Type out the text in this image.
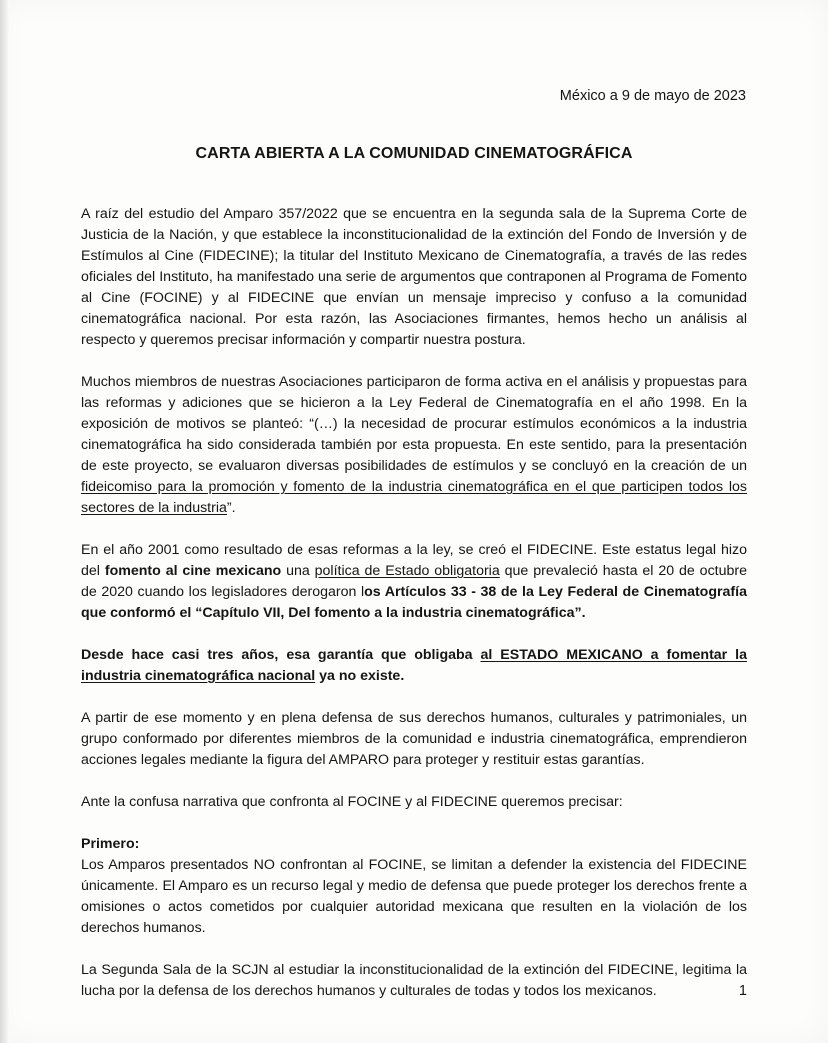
México a 9 de mayo de 2023
CARTA ABIERTA A LA COMUNIDAD CINEMATOGRÁFICA

A raíz del estudio del Amparo 357/2022 que se encuentra en la segunda sala de la Suprema Corte de Justicia de la Nación, y que establece la inconstitucionalidad de la extinción del Fondo de Inversión y de Estímulos al Cine (FIDECINE); la titular del Instituto Mexicano de Cinematografía, a través de las redes oficiales del Instituto, ha manifestado una serie de argumentos que contraponen al Programa de Fomento al Cine (FOCINE) y al FIDECINE que envían un mensaje impreciso y confuso a la comunidad cinematográfica nacional. Por esta razón, las Asociaciones firmantes, hemos hecho un análisis al respecto y queremos precisar información y compartir nuestra postura.

Muchos miembros de nuestras Asociaciones participaron de forma activa en el análisis y propuestas para las reformas y adiciones que se hicieron a la Ley Federal de Cinematografía en el año 1998. En la exposición de motivos se planteó: “(…) la necesidad de procurar estímulos económicos a la industria cinematográfica ha sido considerada también por esta propuesta. En este sentido, para la presentación de este proyecto, se evaluaron diversas posibilidades de estímulos y se concluyó en la creación de un fideicomiso para la promoción y fomento de la industria cinematográfica en el que participen todos los sectores de la industria”.

En el año 2001 como resultado de esas reformas a la ley, se creó el FIDECINE. Este estatus legal hizo del fomento al cine mexicano una política de Estado obligatoria que prevaleció hasta el 20 de octubre de 2020 cuando los legisladores derogaron los Artículos 33 - 38 de la Ley Federal de Cinematografía que conformó el “Capítulo VII, Del fomento a la industria cinematográfica”.

Desde hace casi tres años, esa garantía que obligaba al ESTADO MEXICANO a fomentar la industria cinematográfica nacional ya no existe.

A partir de ese momento y en plena defensa de sus derechos humanos, culturales y patrimoniales, un grupo conformado por diferentes miembros de la comunidad e industria cinematográfica, emprendieron acciones legales mediante la figura del AMPARO para proteger y restituir estas garantías.

Ante la confusa narrativa que confronta al FOCINE y al FIDECINE queremos precisar:

Primero:

Los Amparos presentados NO confrontan al FOCINE, se limitan a defender la existencia del FIDECINE únicamente. El Amparo es un recurso legal y medio de defensa que puede proteger los derechos frente a omisiones o actos cometidos por cualquier autoridad mexicana que resulten en la violación de los derechos humanos.

La Segunda Sala de la SCJN al estudiar la inconstitucionalidad de la extinción del FIDECINE, legitima la lucha por la defensa de los derechos humanos y culturales de todas y todos los mexicanos.	1
